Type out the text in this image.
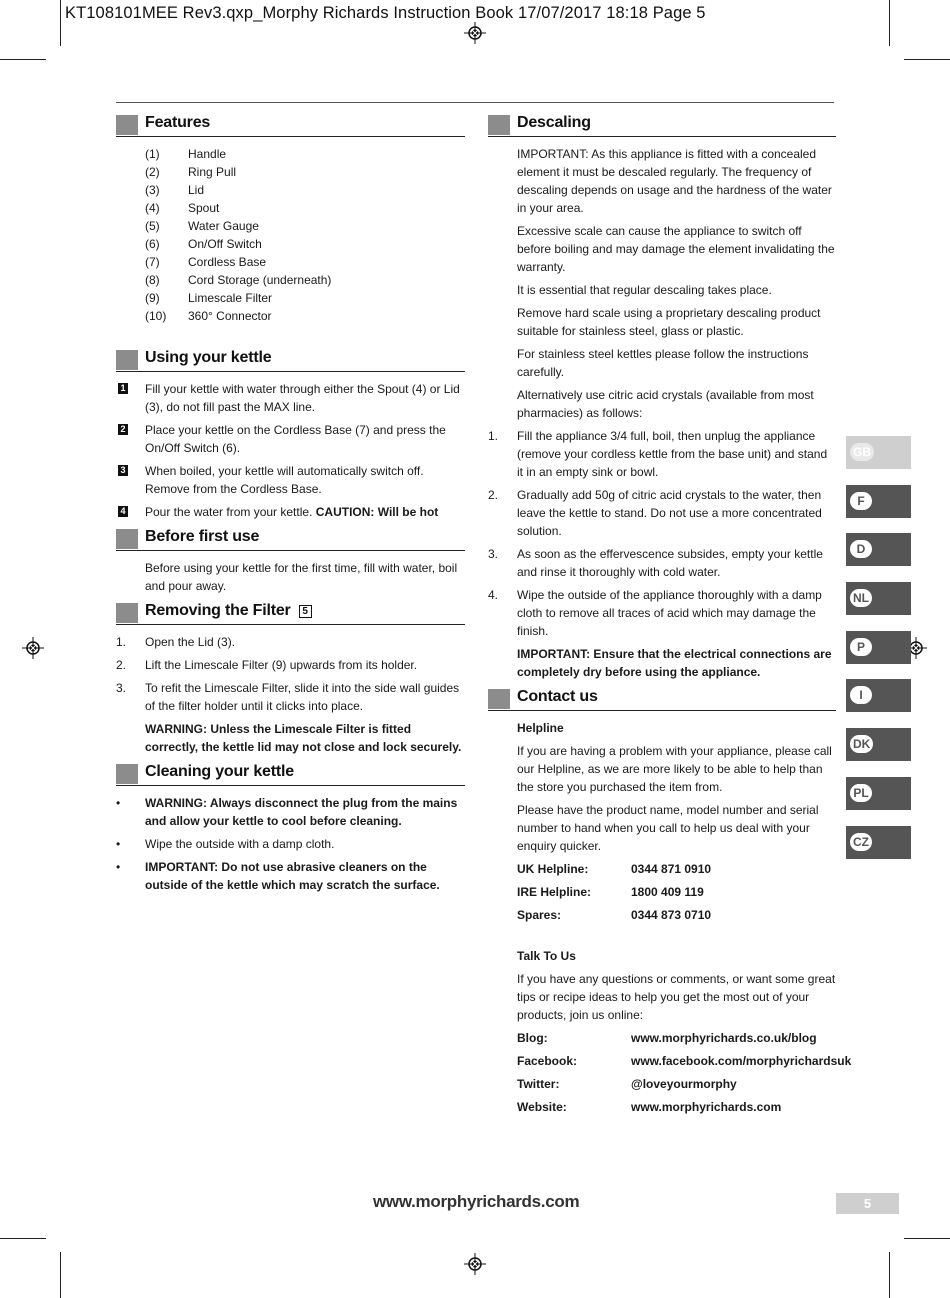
KT108101MEE Rev3.qxp_Morphy Richards Instruction Book 17/07/2017 18:18 Page 5
Features
(1) Handle
(2) Ring Pull
(3) Lid
(4) Spout
(5) Water Gauge
(6) On/Off Switch
(7) Cordless Base
(8) Cord Storage (underneath)
(9) Limescale Filter
(10) 360° Connector
Using your kettle
1 Fill your kettle with water through either the Spout (4) or Lid (3), do not fill past the MAX line.
2 Place your kettle on the Cordless Base (7) and press the On/Off Switch (6).
3 When boiled, your kettle will automatically switch off. Remove from the Cordless Base.
4 Pour the water from your kettle. CAUTION: Will be hot
Before first use

Before using your kettle for the first time, fill with water, boil and pour away.

Removing the Filter 5
1.	Open the Lid (3).
2.	Lift the Limescale Filter (9) upwards from its holder.
3.	To refit the Limescale Filter, slide it into the side wall guides of the filter holder until it clicks into place.

WARNING: Unless the Limescale Filter is fitted correctly, the kettle lid may not close and lock securely.

Cleaning your kettle
•	WARNING: Always disconnect the plug from the mains and allow your kettle to cool before cleaning.
•	Wipe the outside with a damp cloth.
•	IMPORTANT: Do not use abrasive cleaners on the outside of the kettle which may scratch the surface.
Descaling

IMPORTANT: As this appliance is fitted with a concealed element it must be descaled regularly. The frequency of descaling depends on usage and the hardness of the water in your area.

Excessive scale can cause the appliance to switch off before boiling and may damage the element invalidating the warranty.

It is essential that regular descaling takes place.

Remove hard scale using a proprietary descaling product suitable for stainless steel, glass or plastic.

For stainless steel kettles please follow the instructions carefully.

Alternatively use citric acid crystals (available from most pharmacies) as follows:

1.	Fill the appliance 3/4 full, boil, then unplug the appliance (remove your cordless kettle from the base unit) and stand it in an empty sink or bowl.
2.	Gradually add 50g of citric acid crystals to the water, then leave the kettle to stand. Do not use a more concentrated solution.
3.	As soon as the effervescence subsides, empty your kettle and rinse it thoroughly with cold water.
4.	Wipe the outside of the appliance thoroughly with a damp cloth to remove all traces of acid which may damage the finish.

IMPORTANT: Ensure that the electrical connections are completely dry before using the appliance.

Contact us

Helpline

If you are having a problem with your appliance, please call our Helpline, as we are more likely to be able to help than the store you purchased the item from.

Please have the product name, model number and serial number to hand when you call to help us deal with your enquiry quicker.

UK Helpline:	0344 871 0910
IRE Helpline:	1800 409 119
Spares:	0344 873 0710

Talk To Us

If you have any questions or comments, or want some great tips or recipe ideas to help you get the most out of your products, join us online:

Blog:	www.morphyrichards.co.uk/blog
Facebook:	www.facebook.com/morphyrichardsuk
Twitter:	@loveyourmorphy
Website:	www.morphyrichards.com
GB
F
D
NL
P
I
DK
PL
CZ
www.morphyrichards.com	5
